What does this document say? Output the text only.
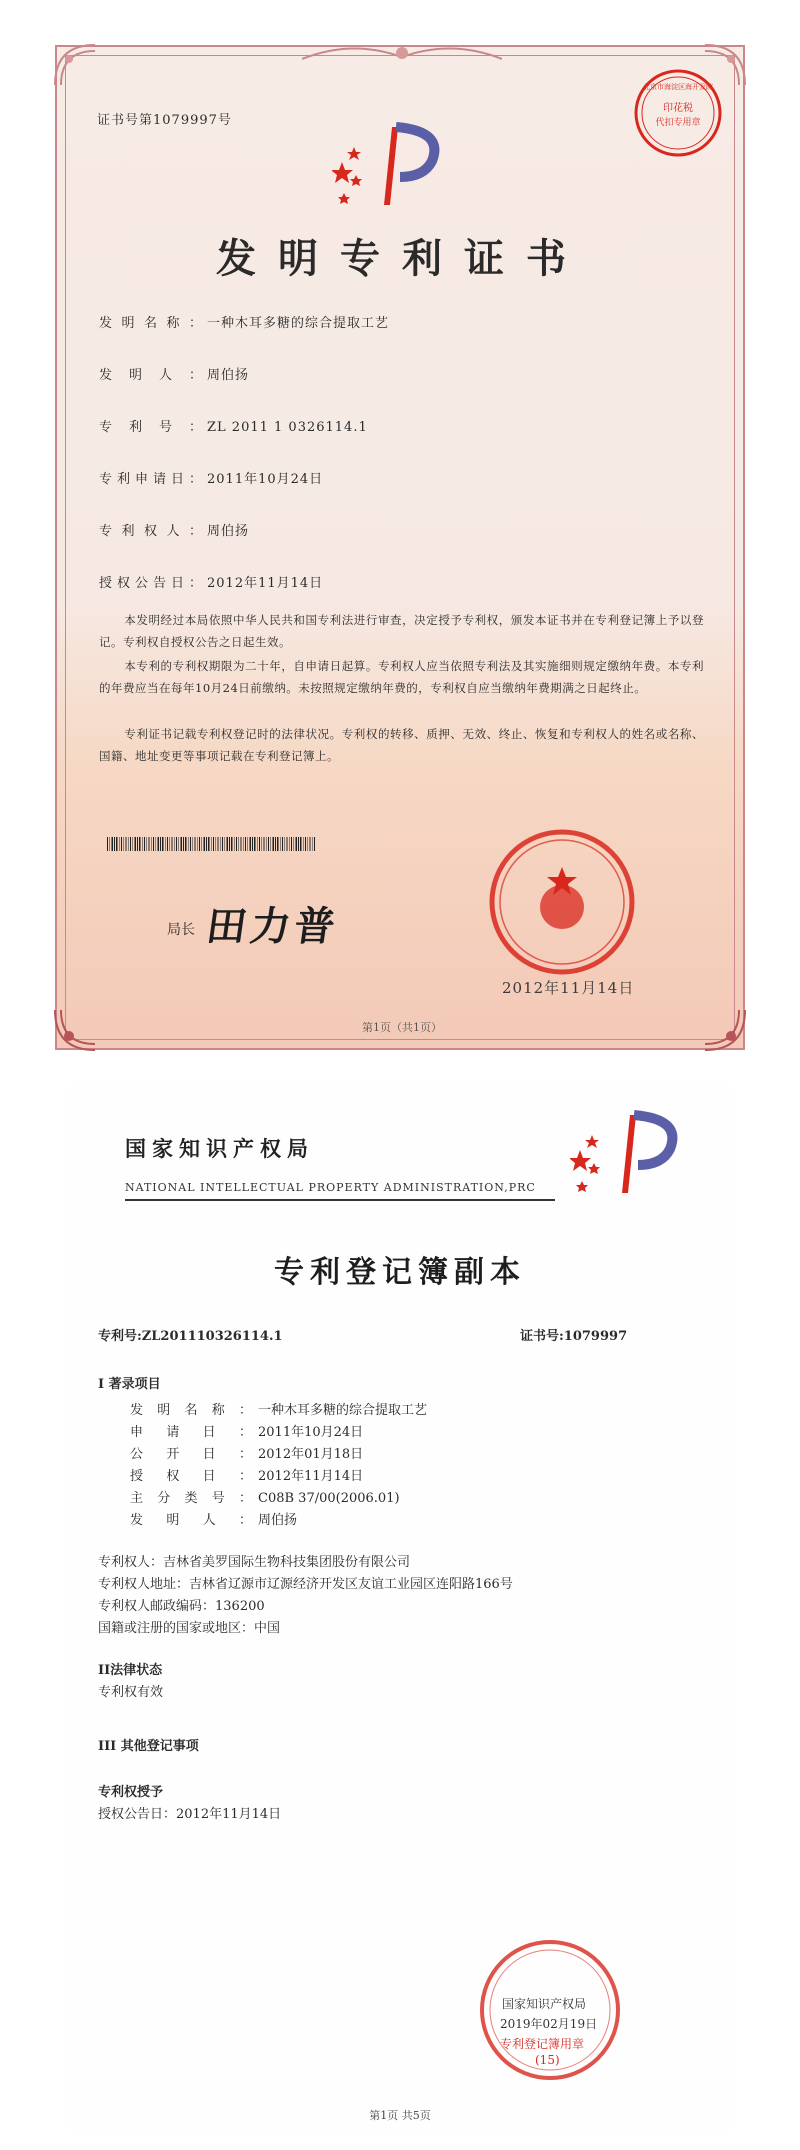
证书号第1079997号
印花税
代扣专用章
北京市海淀区海开发院
发明专利证书
发明名称： 一种木耳多糖的综合提取工艺
发明人： 周伯扬
专利号： ZL 2011 1 0326114.1
专利申请日： 2011年10月24日
专利权人： 周伯扬
授权公告日： 2012年11月14日
本发明经过本局依照中华人民共和国专利法进行审查，决定授予专利权，颁发本证书并在专利登记簿上予以登记。专利权自授权公告之日起生效。
本专利的专利权期限为二十年，自申请日起算。专利权人应当依照专利法及其实施细则规定缴纳年费。本专利的年费应当在每年10月24日前缴纳。未按照规定缴纳年费的，专利权自应当缴纳年费期满之日起终止。
专利证书记载专利权登记时的法律状况。专利权的转移、质押、无效、终止、恢复和专利权人的姓名或名称、国籍、地址变更等事项记载在专利登记簿上。
局长 田力普
2012年11月14日
第1页（共1页）
国家知识产权局
NATIONAL INTELLECTUAL PROPERTY ADMINISTRATION,PRC
专利登记簿副本
专利号:ZL201110326114.1	证书号:1079997
I 著录项目
发明名称： 一种木耳多糖的综合提取工艺
申请日： 2011年10月24日
公开日： 2012年01月18日
授权日： 2012年11月14日
主分类号： C08B 37/00(2006.01)
发明人： 周伯扬
专利权人：吉林省美罗国际生物科技集团股份有限公司
专利权人地址：吉林省辽源市辽源经济开发区友谊工业园区连阳路166号
专利权人邮政编码：136200
国籍或注册的国家或地区：中国
II法律状态
专利权有效
III 其他登记事项
专利权授予
授权公告日：2012年11月14日
国家知识产权局
2019年02月19日
专利登记簿用章
(15)
第1页 共5页
